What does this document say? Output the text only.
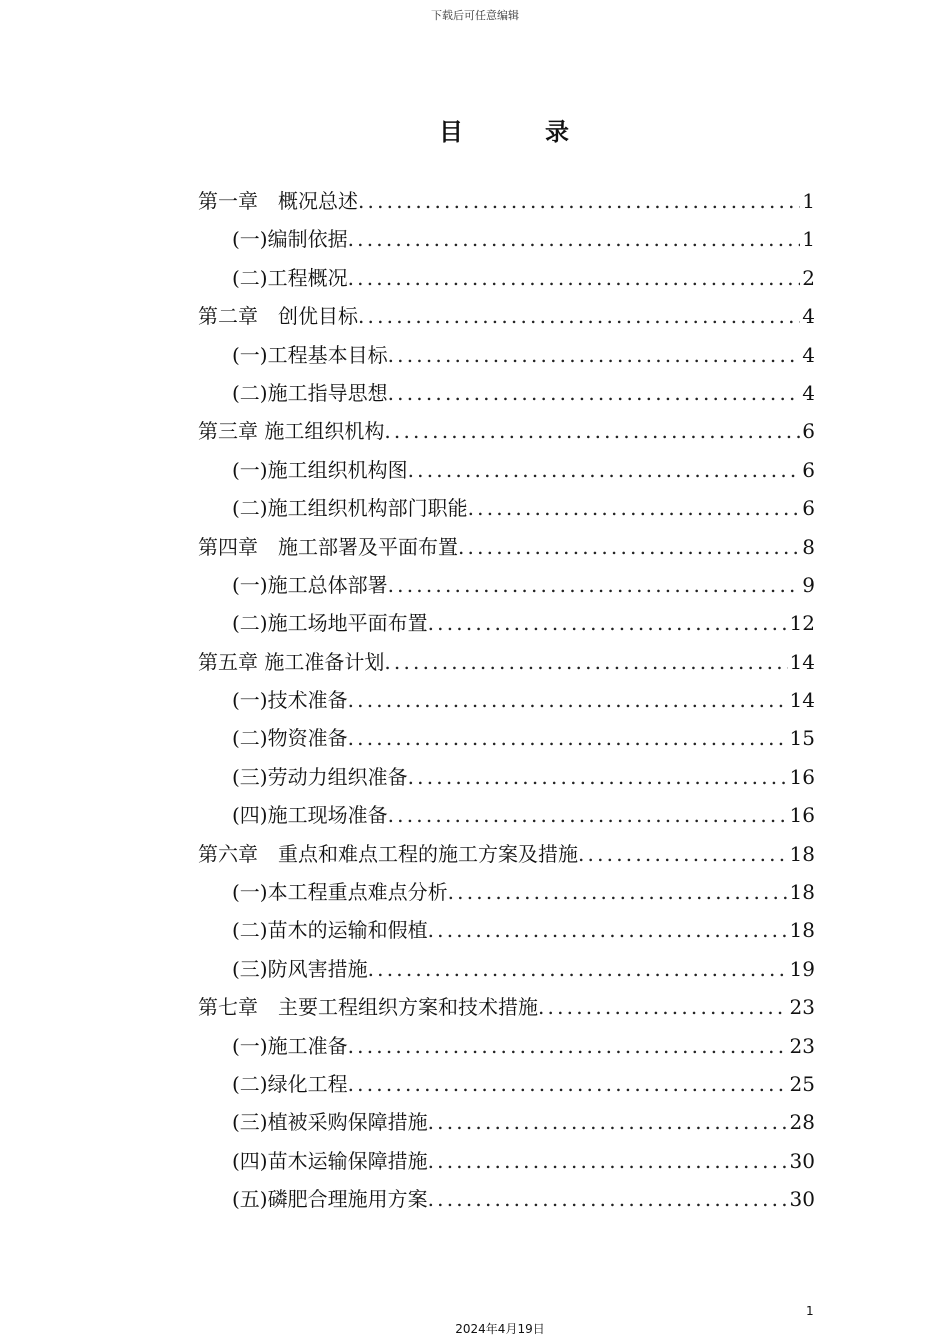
下载后可任意编辑
目	录
第一章　概况总述 .....	1
(一)编制依据 .....	1
(二)工程概况 .....	2
第二章　创优目标 .....	4
(一)工程基本目标 .....	4
(二)施工指导思想 .....	4
第三章 施工组织机构 .....	6
(一)施工组织机构图 .....	6
(二)施工组织机构部门职能 .....	6
第四章　施工部署及平面布置 .....	8
(一)施工总体部署 .....	9
(二)施工场地平面布置 .....	12
第五章 施工准备计划 .....	14
(一)技术准备 .....	14
(二)物资准备 .....	15
(三)劳动力组织准备 .....	16
(四)施工现场准备 .....	16
第六章　重点和难点工程的施工方案及措施 .....	18
(一)本工程重点难点分析 .....	18
(二)苗木的运输和假植 .....	18
(三)防风害措施 .....	19
第七章　主要工程组织方案和技术措施 .....	23
(一)施工准备 .....	23
(二)绿化工程 .....	25
(三)植被采购保障措施 .....	28
(四)苗木运输保障措施 .....	30
(五)磷肥合理施用方案 .....	30
1
2024年4月19日
